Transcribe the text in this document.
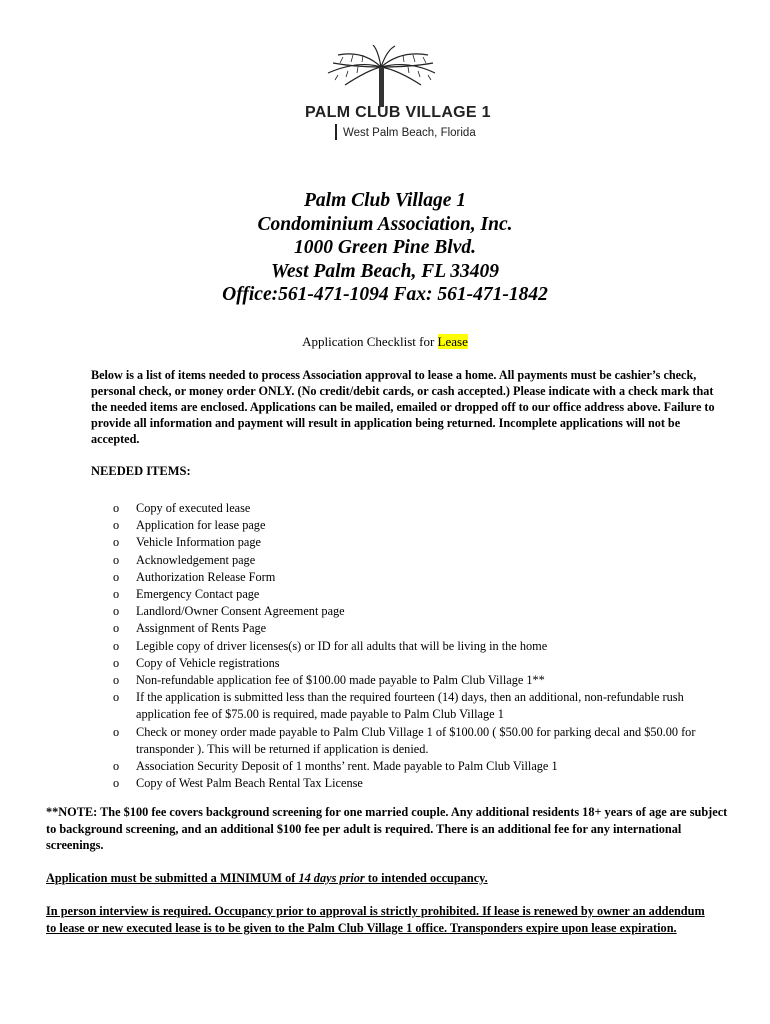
PALM CLUB VILLAGE 1
West Palm Beach, Florida
Palm Club Village 1
Condominium Association, Inc.
1000 Green Pine Blvd.
West Palm Beach, FL 33409
Office:561-471-1094 Fax: 561-471-1842
Application Checklist for Lease
Below is a list of items needed to process Association approval to lease a home. All payments must be cashier’s check, personal check, or money order ONLY. (No credit/debit cards, or cash accepted.) Please indicate with a check mark that the needed items are enclosed. Applications can be mailed, emailed or dropped off to our office address above. Failure to provide all information and payment will result in application being returned. Incomplete applications will not be accepted.
NEEDED ITEMS:
o Copy of executed lease
o Application for lease page
o Vehicle Information page
o Acknowledgement page
o Authorization Release Form
o Emergency Contact page
o Landlord/Owner Consent Agreement page
o Assignment of Rents Page
o Legible copy of driver licenses(s) or ID for all adults that will be living in the home
o Copy of Vehicle registrations
o Non-refundable application fee of $100.00 made payable to Palm Club Village 1**
o If the application is submitted less than the required fourteen (14) days, then an additional, non-refundable rush application fee of $75.00 is required, made payable to Palm Club Village 1
o Check or money order made payable to Palm Club Village 1 of $100.00 ( $50.00 for parking decal and $50.00 for transponder ). This will be returned if application is denied.
o Association Security Deposit of 1 months’ rent. Made payable to Palm Club Village 1
o Copy of West Palm Beach Rental Tax License
**NOTE: The $100 fee covers background screening for one married couple. Any additional residents 18+ years of age are subject to background screening, and an additional $100 fee per adult is required. There is an additional fee for any international screenings.
Application must be submitted a MINIMUM of 14 days prior to intended occupancy.
In person interview is required. Occupancy prior to approval is strictly prohibited. If lease is renewed by owner an addendum to lease or new executed lease is to be given to the Palm Club Village 1 office. Transponders expire upon lease expiration.
